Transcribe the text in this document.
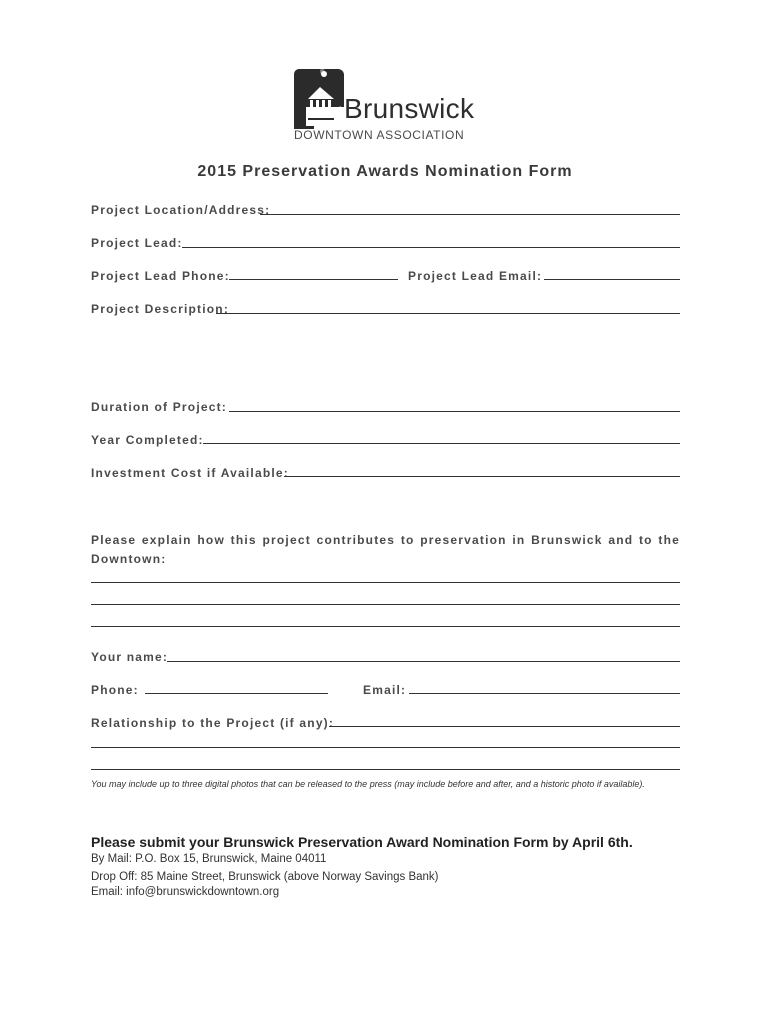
®
Brunswick
DOWNTOWN ASSOCIATION
2015 Preservation Awards Nomination Form
Project Location/Address:
Project Lead:
Project Lead Phone:	Project Lead Email:
Project Description:
Duration of Project:
Year Completed:
Investment Cost if Available:
Please explain how this project contributes to preservation in Brunswick and to the Downtown:
Your name:
Phone:	Email:
Relationship to the Project (if any):
You may include up to three digital photos that can be released to the press (may include before and after, and a historic photo if available).
Please submit your Brunswick Preservation Award Nomination Form by April 6th.
By Mail: P.O. Box 15, Brunswick, Maine 04011
Drop Off: 85 Maine Street, Brunswick (above Norway Savings Bank)
Email: info@brunswickdowntown.org
